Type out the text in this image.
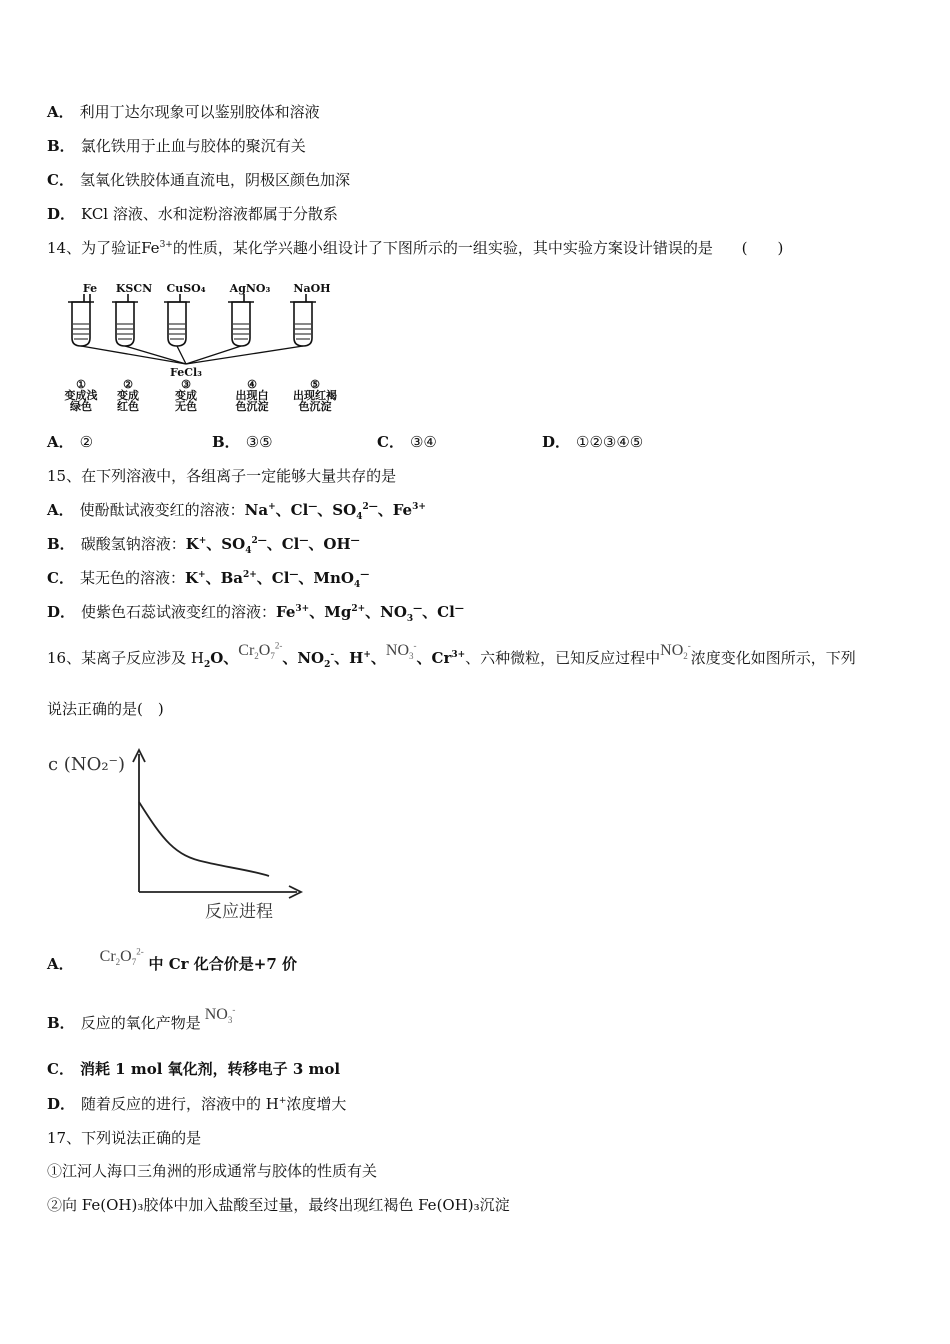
A． 利用丁达尔现象可以鉴别胶体和溶液
B． 氯化铁用于止血与胶体的聚沉有关
C． 氢氧化铁胶体通直流电，阴极区颜色加深
D． KCl 溶液、水和淀粉溶液都属于分散系
14、为了验证$Fe^{3+}$的性质，某化学兴趣小组设计了下图所示的一组实验，其中实验方案设计错误的是 (　　)
Fe KSCN CuSO₄ AgNO₃ NaOH
FeCl₃
①
变成浅
绿色
②
变成
红色
③
变成
无色
④
出现白
色沉淀
⑤
出现红褐
色沉淀
A． ②	B． ③⑤	C． ③④	D． ①②③④⑤
15、在下列溶液中，各组离子一定能够大量共存的是
A． 使酚酞试液变红的溶液：Na+、Cl—、$SO_4^{2—}$、$Fe^{3+}$
B． 碳酸氢钠溶液：K+、$SO_4^{2—}$、Cl—、OH—
C． 某无色的溶液：K+、$Ba^{2+}$、Cl—、MnO$_4$—
D． 使紫色石蕊试液变红的溶液：$Fe^{3+}$、$Mg^{2+}$、$NO_3^—$、Cl—
16、某离子反应涉及 $H_2O$、$Cr_2O_7^{2-}$、$NO_2^-$、H+、$NO_3^-$、$Cr^{3+}$、六种微粒，已知反应过程中$NO_2^-$浓度变化如图所示，下列
说法正确的是(　)
c (NO₂⁻)
反应进程
A． $Cr_2O_7^{2-}$ 中 Cr 化合价是+7 价
B． 反应的氧化产物是 $NO_3^-$
C． 消耗 1 mol 氧化剂，转移电子 3 mol
D． 随着反应的进行，溶液中的 H+浓度增大
17、下列说法正确的是
①江河人海口三角洲的形成通常与胶体的性质有关
②向 Fe(OH)₃胶体中加入盐酸至过量，最终出现红褐色 Fe(OH)₃沉淀
